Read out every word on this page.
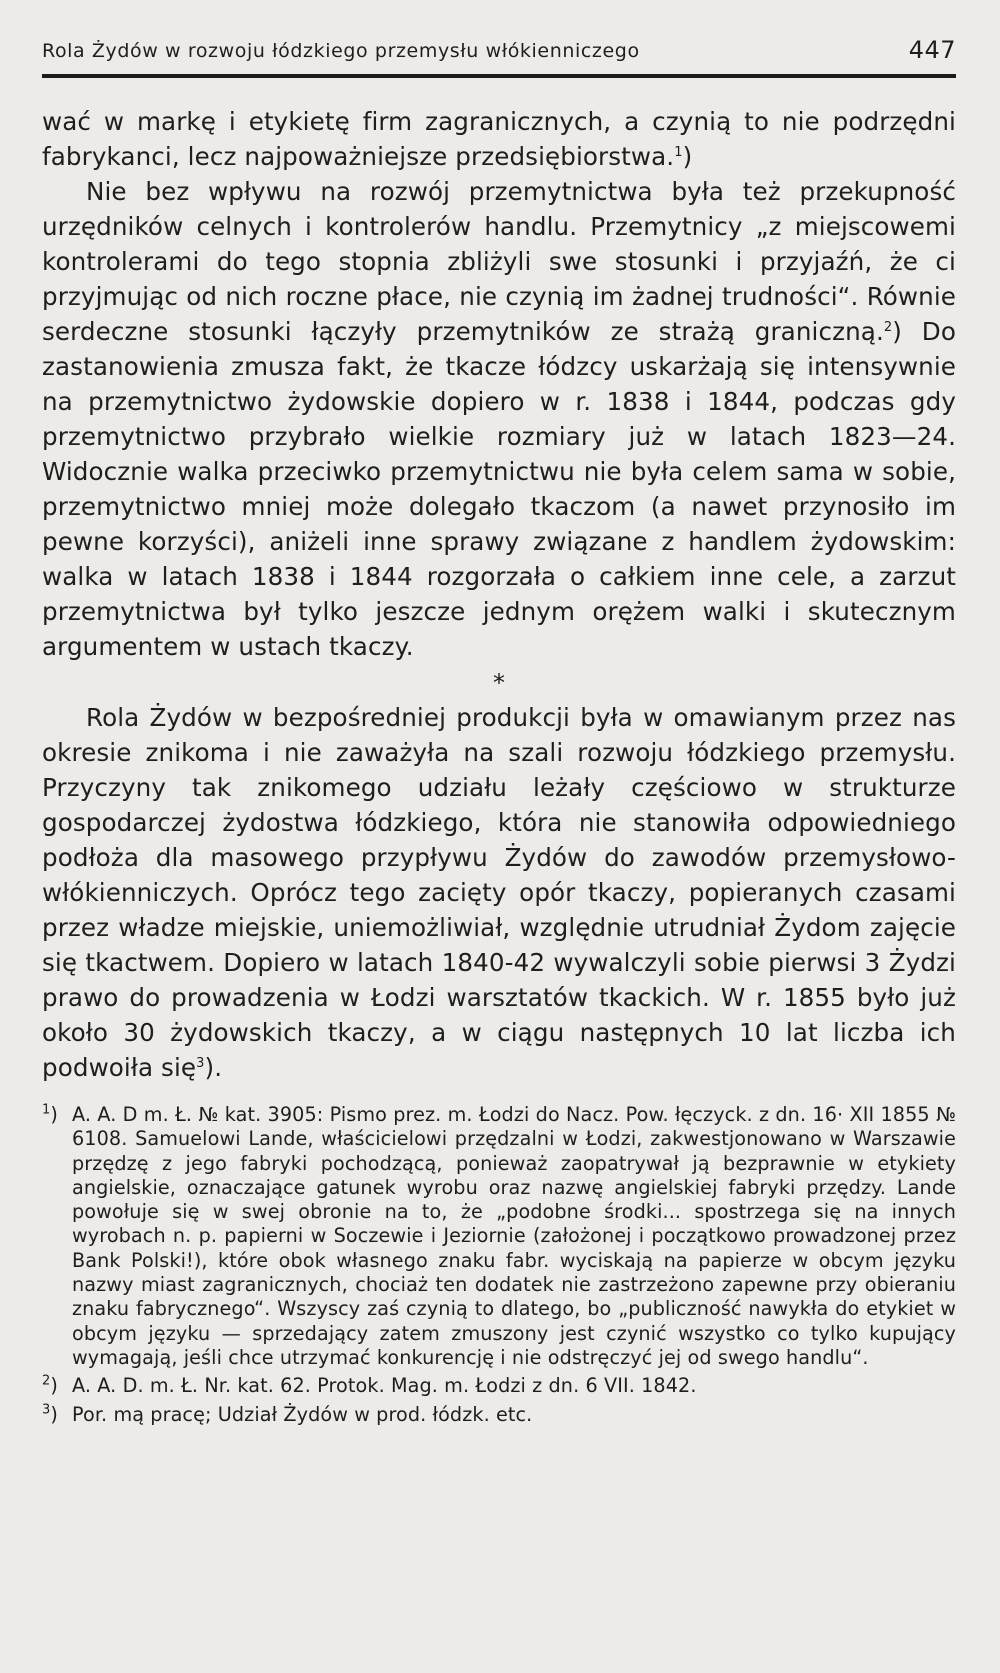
Rola Żydów w rozwoju łódzkiego przemysłu włókienniczego	447

wać w markę i etykietę firm zagranicznych, a czynią to nie podrzędni fabrykanci, lecz najpoważniejsze przedsiębiorstwa.$^1$)

Nie bez wpływu na rozwój przemytnictwa była też przekupność urzędników celnych i kontrolerów handlu. Przemytnicy „z miejscowemi kontrolerami do tego stopnia zbliżyli swe stosunki i przyjaźń, że ci przyjmując od nich roczne płace, nie czynią im żadnej trudności“. Równie serdeczne stosunki łączyły przemytników ze strażą graniczną.$^2$) Do zastanowienia zmusza fakt, że tkacze łódzcy uskarżają się intensywnie na przemytnictwo żydowskie dopiero w r. 1838 i 1844, podczas gdy przemytnictwo przybrało wielkie rozmiary już w latach 1823—24. Widocznie walka przeciwko przemytnictwu nie była celem sama w sobie, przemytnictwo mniej może dolegało tkaczom (a nawet przynosiło im pewne korzyści), aniżeli inne sprawy związane z handlem żydowskim: walka w latach 1838 i 1844 rozgorzała o całkiem inne cele, a zarzut przemytnictwa był tylko jeszcze jednym orężem walki i skutecznym argumentem w ustach tkaczy.

*

Rola Żydów w bezpośredniej produkcji była w omawianym przez nas okresie znikoma i nie zaważyła na szali rozwoju łódzkiego przemysłu. Przyczyny tak znikomego udziału leżały częściowo w strukturze gospodarczej żydostwa łódzkiego, która nie stanowiła odpowiedniego podłoża dla masowego przypływu Żydów do zawodów przemysłowo-włókienniczych. Oprócz tego zacięty opór tkaczy, popieranych czasami przez władze miejskie, uniemożliwiał, względnie utrudniał Żydom zajęcie się tkactwem. Dopiero w latach 1840-42 wywalczyli sobie pierwsi 3 Żydzi prawo do prowadzenia w Łodzi warsztatów tkackich. W r. 1855 było już około 30 żydowskich tkaczy, a w ciągu następnych 10 lat liczba ich podwoiła się$^3$).

$^1$) A. A. D m. Ł. № kat. 3905: Pismo prez. m. Łodzi do Nacz. Pow. łęczyck. z dn. 16· XII 1855 № 6108. Samuelowi Lande, właścicielowi przędzalni w Łodzi, zakwestjonowano w Warszawie przędzę z jego fabryki pochodzącą, ponieważ zaopatrywał ją bezprawnie w etykiety angielskie, oznaczające gatunek wyrobu oraz nazwę angielskiej fabryki przędzy. Lande powołuje się w swej obronie na to, że „podobne środki... spostrzega się na innych wyrobach n. p. papierni w Soczewie i Jeziornie (założonej i początkowo prowadzonej przez Bank Polski!), które obok własnego znaku fabr. wyciskają na papierze w obcym języku nazwy miast zagranicznych, chociaż ten dodatek nie zastrzeżono zapewne przy obieraniu znaku fabrycznego“. Wszyscy zaś czynią to dlatego, bo „publiczność nawykła do etykiet w obcym języku — sprzedający zatem zmuszony jest czynić wszystko co tylko kupujący wymagają, jeśli chce utrzymać konkurencję i nie odstręczyć jej od swego handlu“.
$^2$) A. A. D. m. Ł. Nr. kat. 62. Protok. Mag. m. Łodzi z dn. 6 VII. 1842.
$^3$) Por. mą pracę; Udział Żydów w prod. łódzk. etc.
